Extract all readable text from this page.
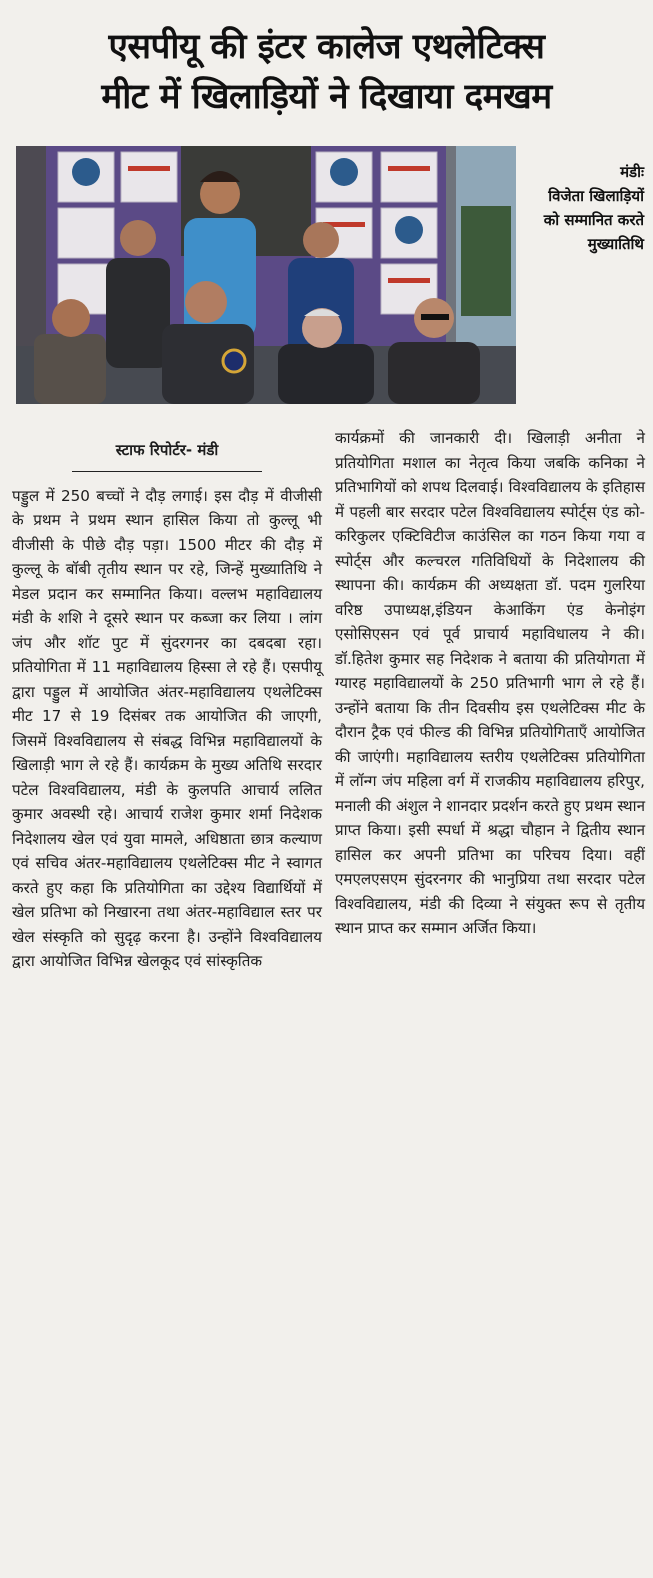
एसपीयू की इंटर कालेज एथलेटिक्स
मीट में खिलाड़ियों ने दिखाया दमखम
मंडीः
विजेता खिलाड़ियों को सम्मानित करते मुख्यातिथि
स्टाफ रिपोर्टर- मंडी

पड्डुल में 250 बच्चों ने दौड़ लगाई। इस दौड़ में वीजीसी के प्रथम ने प्रथम स्थान हासिल किया तो कुल्लू भी वीजीसी के पीछे दौड़ पड़ा। 1500 मीटर की दौड़ में कुल्लू के बॉबी तृतीय स्थान पर रहे, जिन्हें मुख्यातिथि ने मेडल प्रदान कर सम्मानित किया। वल्लभ महाविद्यालय मंडी के शशि ने दूसरे स्थान पर कब्जा कर लिया । लांग जंप और शॉट पुट में सुंदरगनर का दबदबा रहा। प्रतियोगिता में 11 महाविद्यालय हिस्सा ले रहे हैं। एसपीयू द्वारा पड्डुल में आयोजित अंतर-महाविद्यालय एथलेटिक्स मीट 17 से 19 दिसंबर तक आयोजित की जाएगी, जिसमें विश्वविद्यालय से संबद्ध विभिन्न महाविद्यालयों के खिलाड़ी भाग ले रहे हैं। कार्यक्रम के मुख्य अतिथि सरदार पटेल विश्वविद्यालय, मंडी के कुलपति आचार्य ललित कुमार अवस्थी रहे। आचार्य राजेश कुमार शर्मा निदेशक निदेशालय खेल एवं युवा मामले, अधिष्ठाता छात्र कल्याण एवं सचिव अंतर-महाविद्यालय एथलेटिक्स मीट ने स्वागत करते हुए कहा कि प्रतियोगिता का उद्देश्य विद्यार्थियों में खेल प्रतिभा को निखारना तथा अंतर-महाविद्याल स्तर पर खेल संस्कृति को सुदृढ़ करना है। उन्होंने विश्वविद्यालय द्वारा आयोजित विभिन्न खेलकूद एवं सांस्कृतिक

कार्यक्रमों की जानकारी दी। खिलाड़ी अनीता ने प्रतियोगिता मशाल का नेतृत्व किया जबकि कनिका ने प्रतिभागियों को शपथ दिलवाई। विश्वविद्यालय के इतिहास में पहली बार सरदार पटेल विश्वविद्यालय स्पोर्ट्स एंड को-करिकुलर एक्टिविटीज काउंसिल का गठन किया गया व स्पोर्ट्स और कल्चरल गतिविधियों के निदेशालय की स्थापना की। कार्यक्रम की अध्यक्षता डॉ. पदम गुलरिया वरिष्ठ उपाध्यक्ष,इंडियन केआकिंग एंड केनोइंग एसोसिएसन एवं पूर्व प्राचार्य महाविधालय ने की। डॉ.हितेश कुमार सह निदेशक ने बताया की प्रतियोगता में ग्यारह महाविद्यालयों के 250 प्रतिभागी भाग ले रहे हैं। उन्होंने बताया कि तीन दिवसीय इस एथलेटिक्स मीट के दौरान ट्रैक एवं फील्ड की विभिन्न प्रतियोगिताएँ आयोजित की जाएंगी। महाविद्यालय स्तरीय एथलेटिक्स प्रतियोगिता में लॉन्ग जंप महिला वर्ग में राजकीय महाविद्यालय हरिपुर, मनाली की अंशुल ने शानदार प्रदर्शन करते हुए प्रथम स्थान प्राप्त किया। इसी स्पर्धा में श्रद्धा चौहान ने द्वितीय स्थान हासिल कर अपनी प्रतिभा का परिचय दिया। वहीं एमएलएसएम सुंदरनगर की भानुप्रिया तथा सरदार पटेल विश्वविद्यालय, मंडी की दिव्या ने संयुक्त रूप से तृतीय स्थान प्राप्त कर सम्मान अर्जित किया।
